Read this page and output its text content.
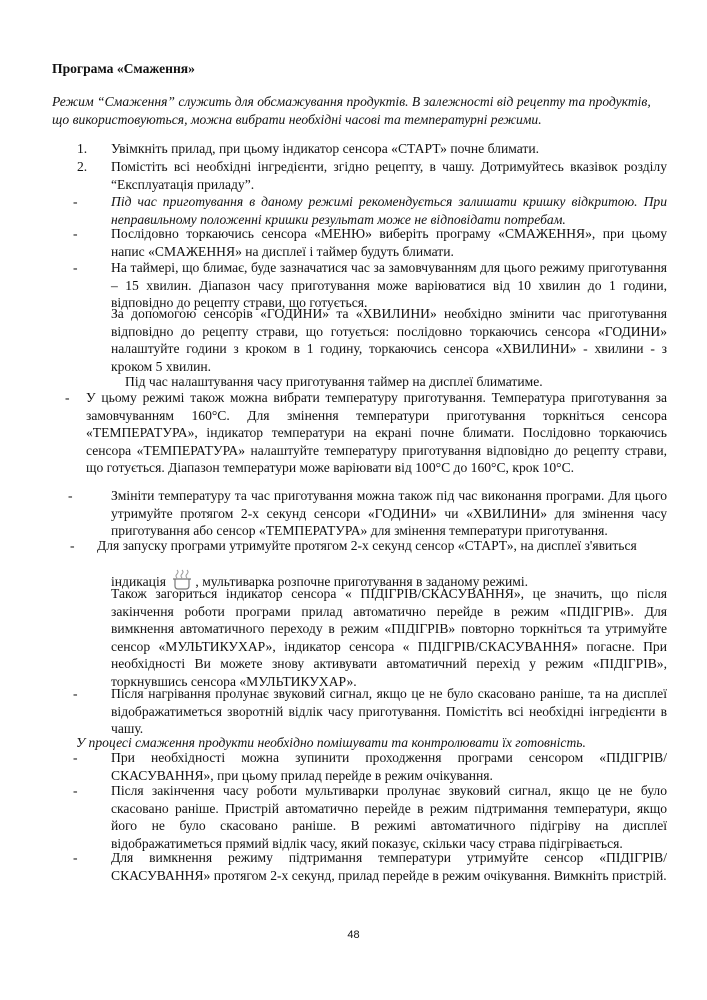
Програма «Смаження»
Режим “Смаження” служить для обсмажування продуктів. В залежності від рецепту та продуктів, що використовуються, можна вибрати необхідні часові та температурні режими.
1. Увімкніть прилад, при цьому індикатор сенсора «СТАРТ» почне блимати.
2. Помістіть всі необхідні інгредієнти, згідно рецепту, в чашу. Дотримуйтесь вказівок розділу “Експлуатація приладу”.
- Під час приготування в даному режимі рекомендується залишати кришку відкритою. При неправильному положенні кришки результат може не відповідати потребам.
- Послідовно торкаючись сенсора «МЕНЮ» виберіть програму «СМАЖЕННЯ», при цьому напис «СМАЖЕННЯ» на дисплеї і таймер будуть блимати.
- На таймері, що блимає, буде зазначатися час за замовчуванням для цього режиму приготування – 15 хвилин. Діапазон часу приготування може варіюватися від 10 хвилин до 1 години, відповідно до рецепту страви, що готується.
За допомогою сенсорів «ГОДИНИ» та «ХВИЛИНИ» необхідно змінити час приготування відповідно до рецепту страви, що готується: послідовно торкаючись сенсора «ГОДИНИ» налаштуйте години з кроком в 1 годину, торкаючись сенсора «ХВИЛИНИ» - хвилини - з кроком 5 хвилин.
Під час налаштування часу приготування таймер на дисплеї блиматиме.
- У цьому режимі також можна вибрати температуру приготування. Температура приготування за замовчуванням 160°С. Для змінення температури приготування торкніться сенсора «ТЕМПЕРАТУРА», індикатор температури на екрані почне блимати. Послідовно торкаючись сенсора «ТЕМПЕРАТУРА» налаштуйте температуру приготування відповідно до рецепту страви, що готується. Діапазон температури може варіювати від 100°С до 160°С, крок 10°С.
-	Змініти температуру та час приготування можна також під час виконання програми. Для цього утримуйте протягом 2-х секунд сенсори «ГОДИНИ» чи «ХВИЛИНИ» для змінення часу приготування або сенсор «ТЕМПЕРАТУРА» для змінення температури приготування.
- Для запуску програми утримуйте протягом 2-х секунд сенсор «СТАРТ», на дисплеї з'явиться
індикація , мультиварка розпочне приготування в заданому режимі.
Також загориться індикатор сенсора « ПІДІГРІВ/СКАСУВАННЯ», це значить, що після закінчення роботи програми прилад автоматично перейде в режим «ПІДІГРІВ». Для вимкнення автоматичного переходу в режим «ПІДІГРІВ» повторно торкніться та утримуйте сенсор «МУЛЬТИКУХАР», індикатор сенсора « ПІДІГРІВ/СКАСУВАННЯ» погасне. При необхідності Ви можете знову активувати автоматичний перехід у режим «ПІДІГРІВ», торкнувшись сенсора «МУЛЬТИКУХАР».
- Після нагрівання пролунає звуковий сигнал, якщо це не було скасовано раніше, та на дисплеї відображатиметься зворотній відлік часу приготування. Помістіть всі необхідні інгредієнти в чашу.
У процесі смаження продукти необхідно помішувати та контролювати їх готовність.
- При необхідності можна зупинити проходження програми сенсором «ПІДІГРІВ/СКАСУВАННЯ», при цьому прилад перейде в режим очікування.
- Після закінчення часу роботи мультиварки пролунає звуковий сигнал, якщо це не було скасовано раніше. Пристрій автоматично перейде в режим підтримання температури, якщо його не було скасовано раніше. В режимі автоматичного підігріву на дисплеї відображатиметься прямий відлік часу, який показує, скільки часу страва підігрівається.
- Для вимкнення режиму підтримання температури утримуйте сенсор «ПІДІГРІВ/СКАСУВАННЯ» протягом 2-х секунд, прилад перейде в режим очікування. Вимкніть пристрій.
48
